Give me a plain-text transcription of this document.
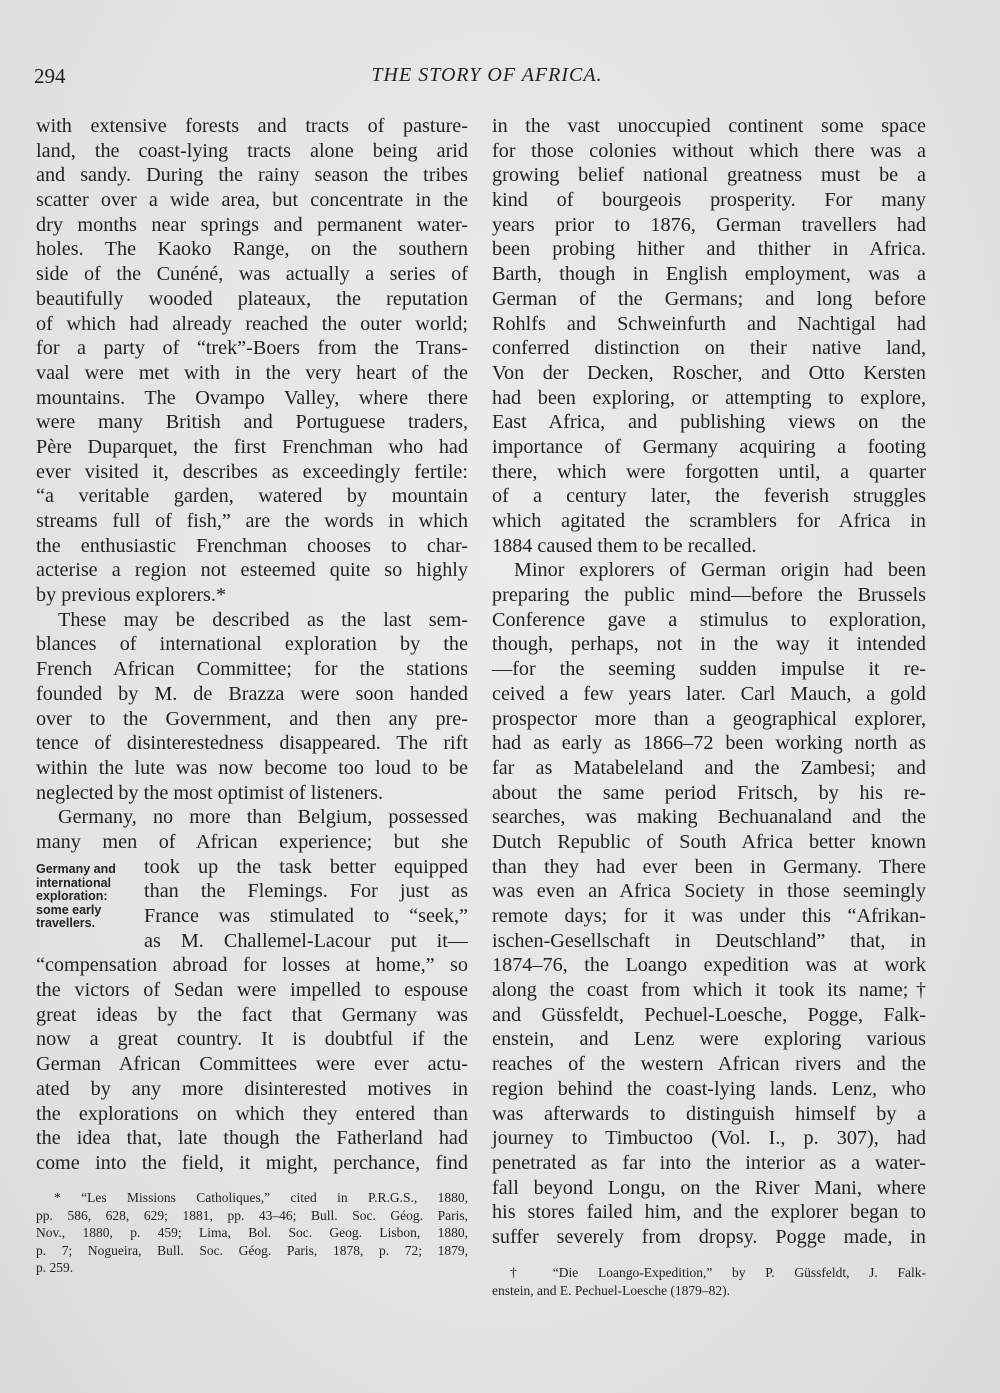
294	THE STORY OF AFRICA.
with extensive forests and tracts of pasture-
land, the coast-lying tracts alone being arid
and sandy. During the rainy season the tribes
scatter over a wide area, but concentrate in the
dry months near springs and permanent water-
holes. The Kaoko Range, on the southern
side of the Cunéné, was actually a series of
beautifully wooded plateaux, the reputation
of which had already reached the outer world;
for a party of “trek”-Boers from the Trans-
vaal were met with in the very heart of the
mountains. The Ovampo Valley, where there
were many British and Portuguese traders,
Père Duparquet, the first Frenchman who had
ever visited it, describes as exceedingly fertile:
“a veritable garden, watered by mountain
streams full of fish,” are the words in which
the enthusiastic Frenchman chooses to char-
acterise a region not esteemed quite so highly
by previous explorers.*
These may be described as the last sem-
blances of international exploration by the
French African Committee; for the stations
founded by M. de Brazza were soon handed
over to the Government, and then any pre-
tence of disinterestedness disappeared. The rift
within the lute was now become too loud to be
neglected by the most optimist of listeners.
Germany, no more than Belgium, possessed
many men of African experience; but she
took up the task better equipped
than the Flemings. For just as
France was stimulated to “seek,”
as M. Challemel-Lacour put it—
“compensation abroad for losses at home,” so
the victors of Sedan were impelled to espouse
great ideas by the fact that Germany was
now a great country. It is doubtful if the
German African Committees were ever actu-
ated by any more disinterested motives in
the explorations on which they entered than
the idea that, late though the Fatherland had
come into the field, it might, perchance, find
Germany and
international
exploration:
some early
travellers.
in the vast unoccupied continent some space
for those colonies without which there was a
growing belief national greatness must be a
kind of bourgeois prosperity. For many
years prior to 1876, German travellers had
been probing hither and thither in Africa.
Barth, though in English employment, was a
German of the Germans; and long before
Rohlfs and Schweinfurth and Nachtigal had
conferred distinction on their native land,
Von der Decken, Roscher, and Otto Kersten
had been exploring, or attempting to explore,
East Africa, and publishing views on the
importance of Germany acquiring a footing
there, which were forgotten until, a quarter
of a century later, the feverish struggles
which agitated the scramblers for Africa in
1884 caused them to be recalled.
Minor explorers of German origin had been
preparing the public mind—before the Brussels
Conference gave a stimulus to exploration,
though, perhaps, not in the way it intended
—for the seeming sudden impulse it re-
ceived a few years later. Carl Mauch, a gold
prospector more than a geographical explorer,
had as early as 1866–72 been working north as
far as Matabeleland and the Zambesi; and
about the same period Fritsch, by his re-
searches, was making Bechuanaland and the
Dutch Republic of South Africa better known
than they had ever been in Germany. There
was even an Africa Society in those seemingly
remote days; for it was under this “Afrikan-
ischen-Gesellschaft in Deutschland” that, in
1874–76, the Loango expedition was at work
along the coast from which it took its name;†
and Güssfeldt, Pechuel-Loesche, Pogge, Falk-
enstein, and Lenz were exploring various
reaches of the western African rivers and the
region behind the coast-lying lands. Lenz, who
was afterwards to distinguish himself by a
journey to Timbuctoo (Vol. I., p. 307), had
penetrated as far into the interior as a water-
fall beyond Longu, on the River Mani, where
his stores failed him, and the explorer began to
suffer severely from dropsy. Pogge made, in
* “Les Missions Catholiques,” cited in P.R.G.S., 1880,
pp. 586, 628, 629; 1881, pp. 43–46; Bull. Soc. Géog. Paris,
Nov., 1880, p. 459; Lima, Bol. Soc. Geog. Lisbon, 1880,
p. 7; Nogueira, Bull. Soc. Géog. Paris, 1878, p. 72; 1879,
p. 259.	† “Die Loango-Expedition,” by P. Güssfeldt, J. Falk-
enstein, and E. Pechuel-Loesche (1879–82).
